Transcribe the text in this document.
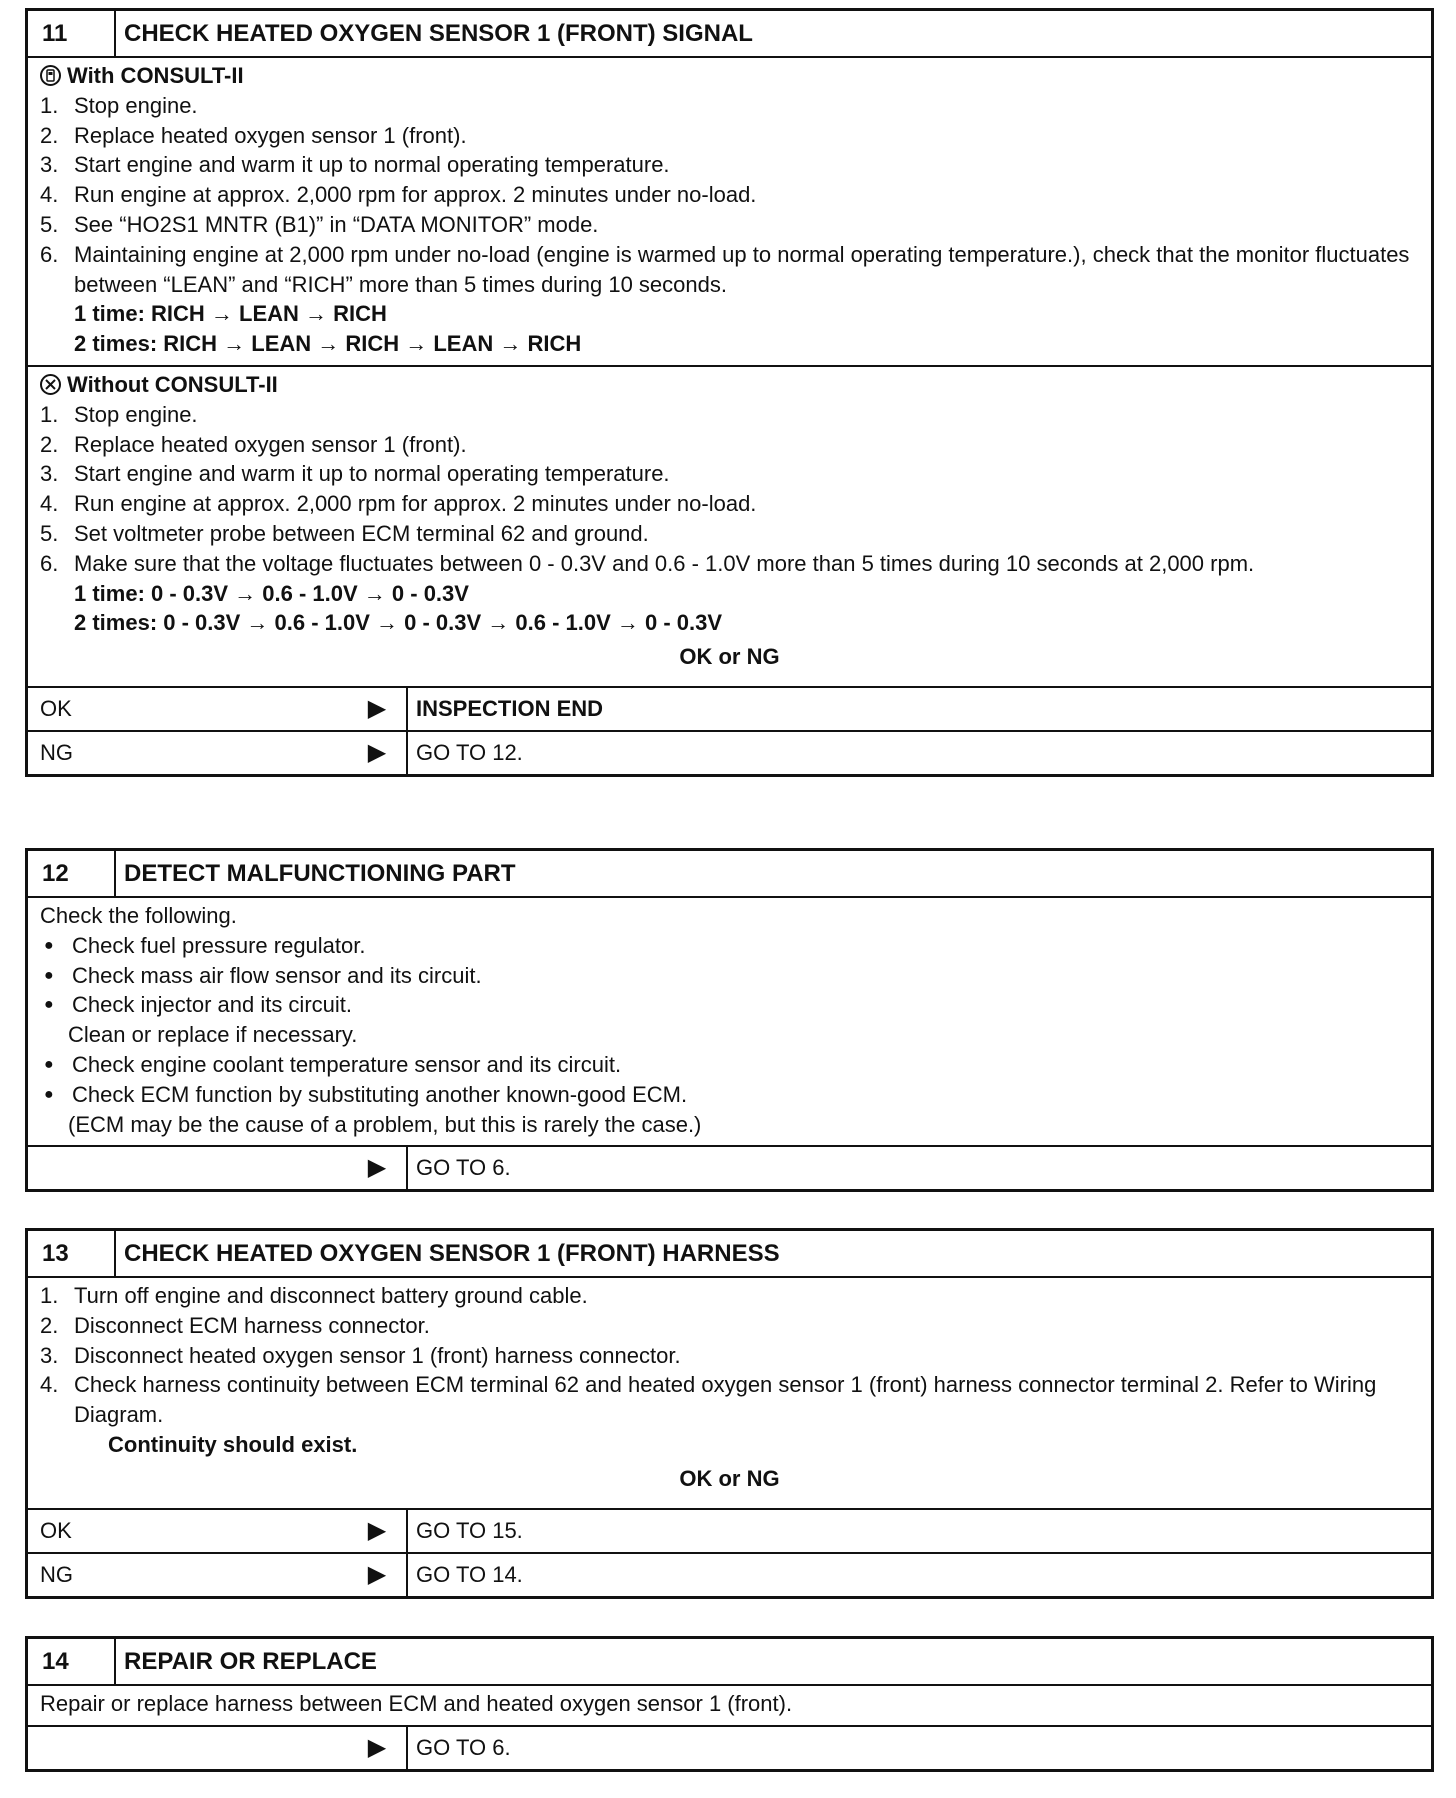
11	CHECK HEATED OXYGEN SENSOR 1 (FRONT) SIGNAL
With CONSULT-II
1. Stop engine.
2. Replace heated oxygen sensor 1 (front).
3. Start engine and warm it up to normal operating temperature.
4. Run engine at approx. 2,000 rpm for approx. 2 minutes under no-load.
5. See “HO2S1 MNTR (B1)” in “DATA MONITOR” mode.
6. Maintaining engine at 2,000 rpm under no-load (engine is warmed up to normal operating temperature.), check that the monitor fluctuates between “LEAN” and “RICH” more than 5 times during 10 seconds.
1 time: RICH → LEAN → RICH
2 times: RICH → LEAN → RICH → LEAN → RICH
Without CONSULT-II
1. Stop engine.
2. Replace heated oxygen sensor 1 (front).
3. Start engine and warm it up to normal operating temperature.
4. Run engine at approx. 2,000 rpm for approx. 2 minutes under no-load.
5. Set voltmeter probe between ECM terminal 62 and ground.
6. Make sure that the voltage fluctuates between 0 - 0.3V and 0.6 - 1.0V more than 5 times during 10 seconds at 2,000 rpm.
1 time: 0 - 0.3V → 0.6 - 1.0V → 0 - 0.3V
2 times: 0 - 0.3V → 0.6 - 1.0V → 0 - 0.3V → 0.6 - 1.0V → 0 - 0.3V
OK or NG
OK	▶	INSPECTION END
NG	▶	GO TO 12.
12	DETECT MALFUNCTIONING PART
Check the following.
● Check fuel pressure regulator.
● Check mass air flow sensor and its circuit.
● Check injector and its circuit.
Clean or replace if necessary.
● Check engine coolant temperature sensor and its circuit.
● Check ECM function by substituting another known-good ECM.
(ECM may be the cause of a problem, but this is rarely the case.)
▶	GO TO 6.
13	CHECK HEATED OXYGEN SENSOR 1 (FRONT) HARNESS
1. Turn off engine and disconnect battery ground cable.
2. Disconnect ECM harness connector.
3. Disconnect heated oxygen sensor 1 (front) harness connector.
4. Check harness continuity between ECM terminal 62 and heated oxygen sensor 1 (front) harness connector terminal 2. Refer to Wiring Diagram.
Continuity should exist.
OK or NG
OK	▶	GO TO 15.
NG	▶	GO TO 14.
14	REPAIR OR REPLACE
Repair or replace harness between ECM and heated oxygen sensor 1 (front).
▶	GO TO 6.
